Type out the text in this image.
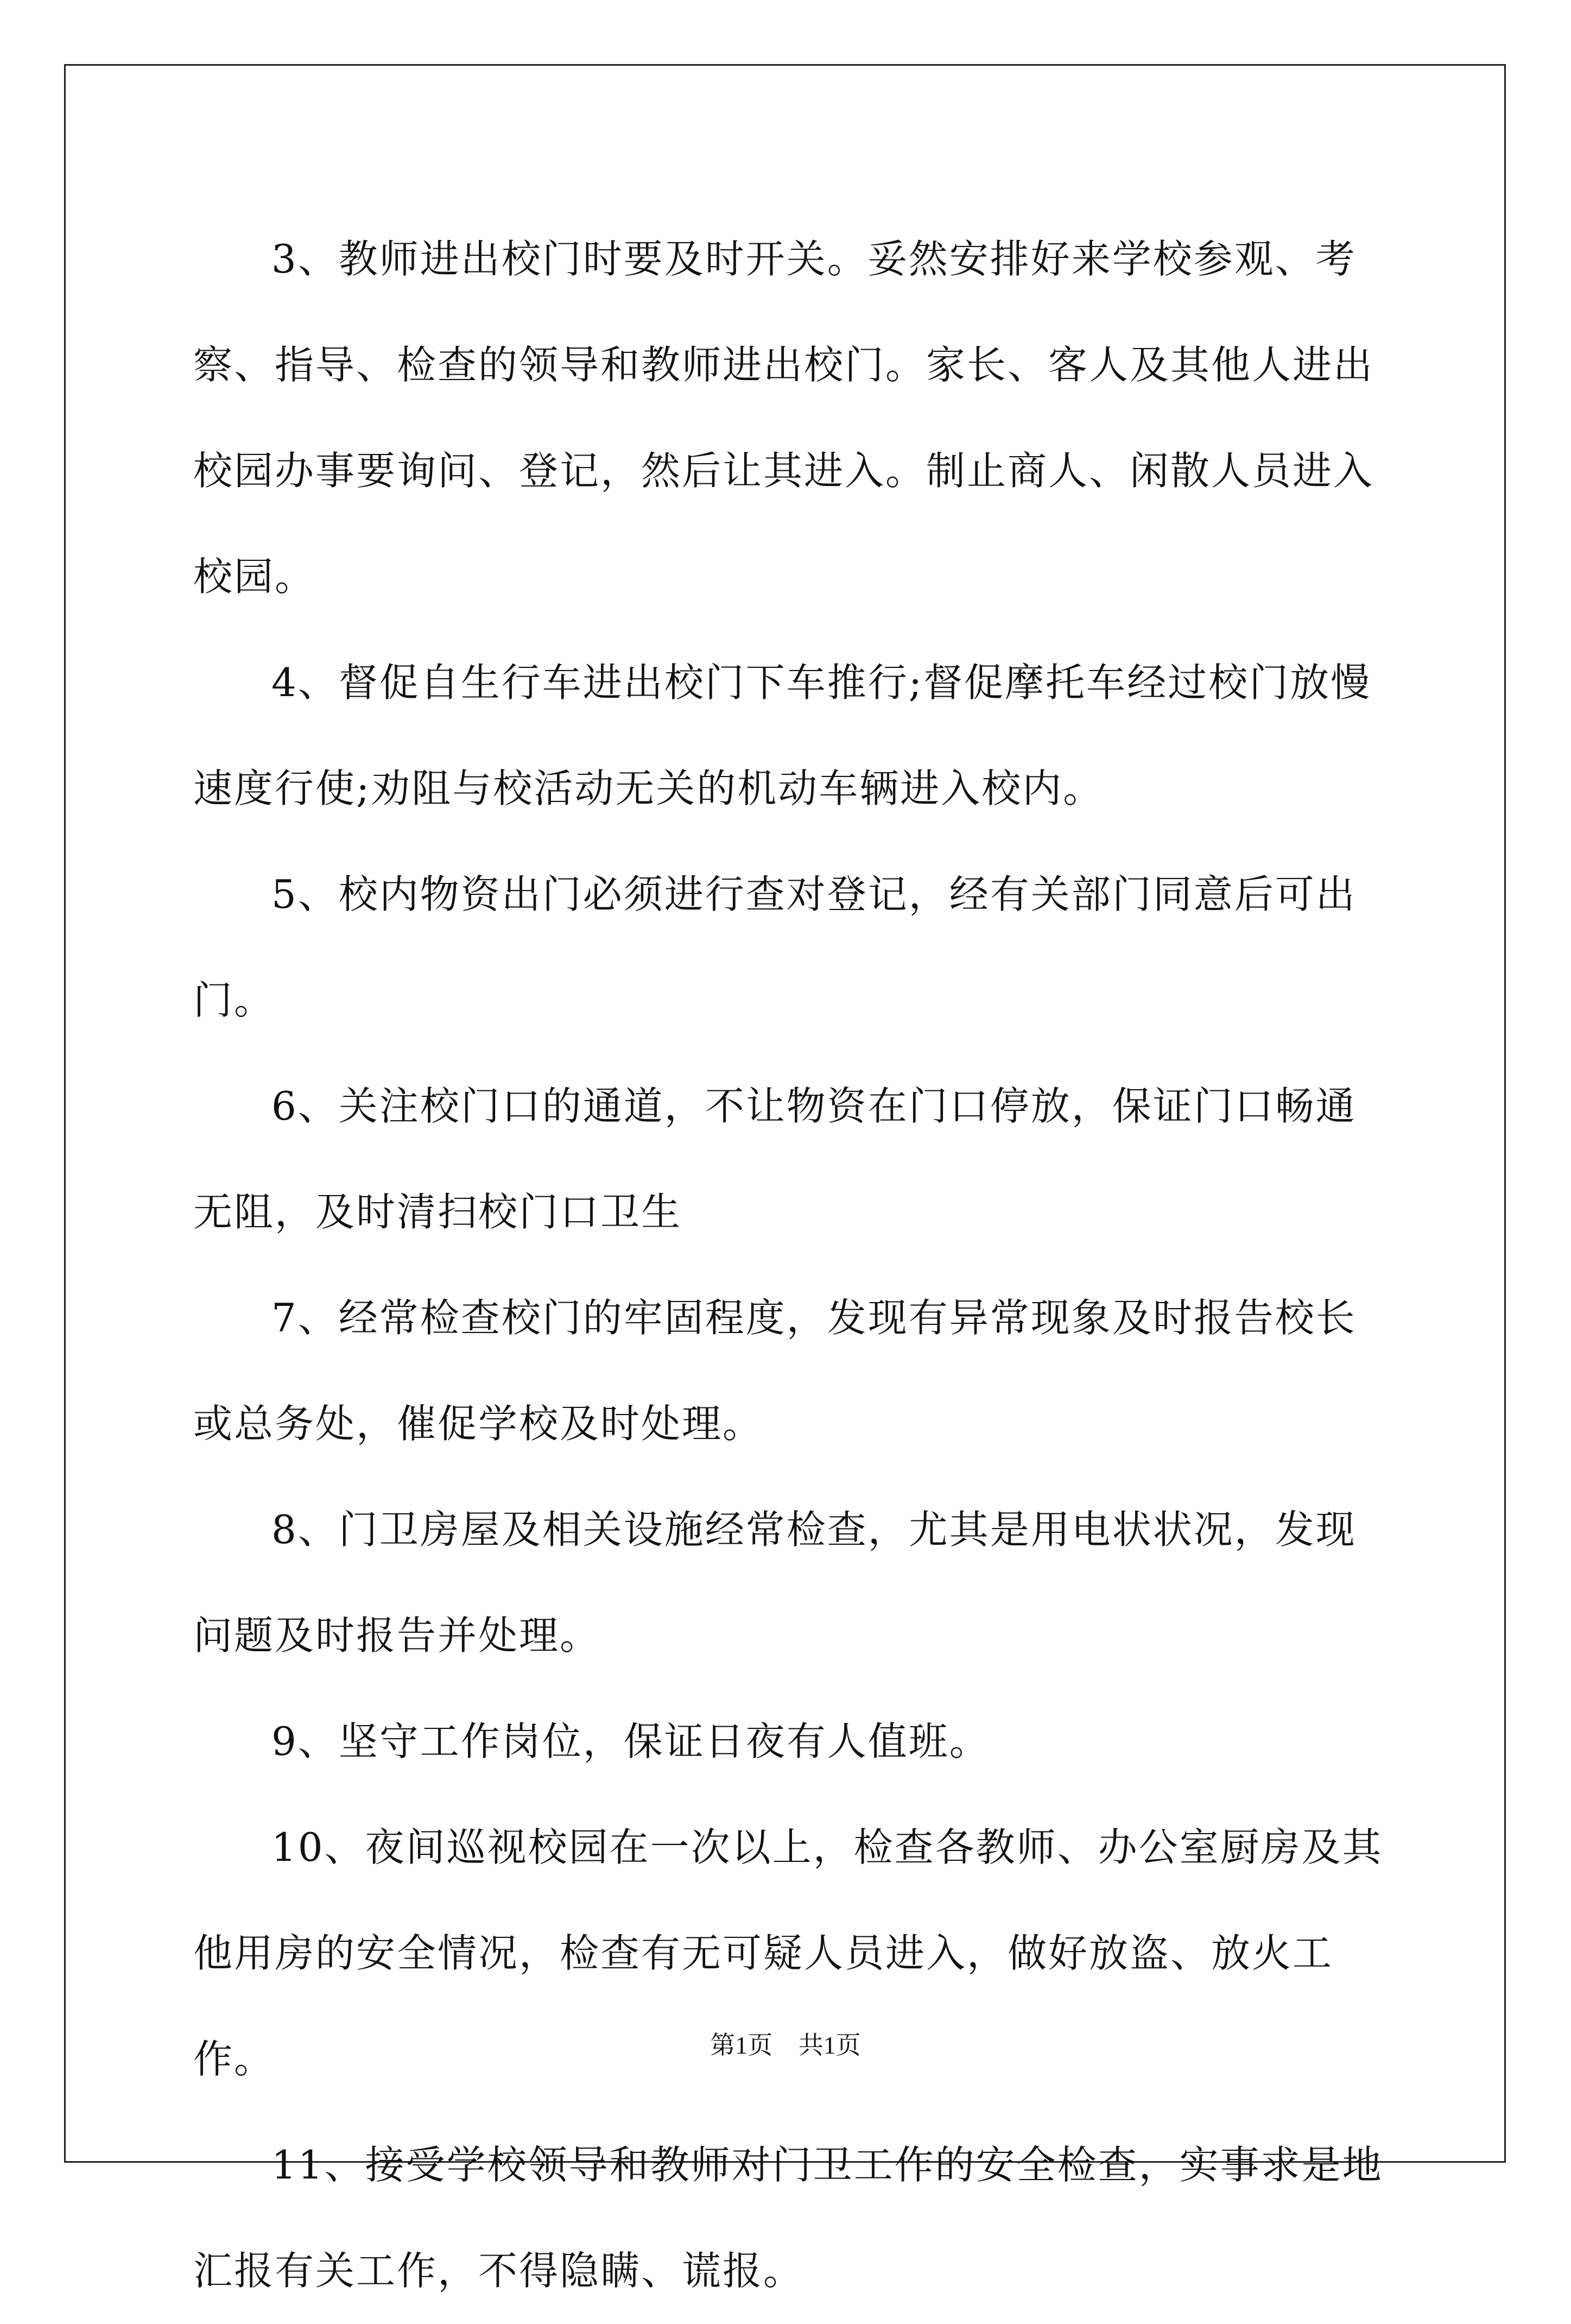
3、教师进出校门时要及时开关。妥然安排好来学校参观、考察、指导、检查的领导和教师进出校门。家长、客人及其他人进出校园办事要询问、登记，然后让其进入。制止商人、闲散人员进入校园。

4、督促自生行车进出校门下车推行;督促摩托车经过校门放慢速度行使;劝阻与校活动无关的机动车辆进入校内。

5、校内物资出门必须进行查对登记，经有关部门同意后可出门。

6、关注校门口的通道，不让物资在门口停放，保证门口畅通无阻，及时清扫校门口卫生

7、经常检查校门的牢固程度，发现有异常现象及时报告校长或总务处，催促学校及时处理。

8、门卫房屋及相关设施经常检查，尤其是用电状状况，发现问题及时报告并处理。

9、坚守工作岗位，保证日夜有人值班。

10、夜间巡视校园在一次以上，检查各教师、办公室厨房及其他用房的安全情况，检查有无可疑人员进入，做好放盗、放火工作。

11、接受学校领导和教师对门卫工作的安全检查，实事求是地汇报有关工作，不得隐瞒、谎报。

第1页 共1页
